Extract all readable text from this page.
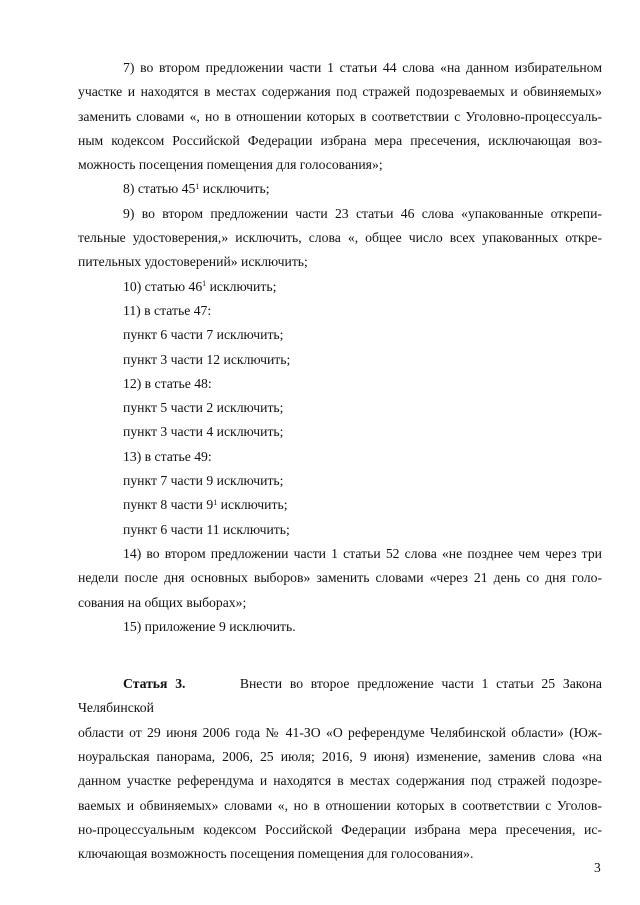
7) во втором предложении части 1 статьи 44 слова «на данном избирательном

участке и находятся в местах содержания под стражей подозреваемых и обвиняемых»

заменить словами «, но в отношении которых в соответствии с Уголовно-процессуаль-

ным кодексом Российской Федерации избрана мера пресечения, исключающая воз-

можность посещения помещения для голосования»;

8) статью $45^1$ исключить;

9) во втором предложении части 23 статьи 46 слова «упакованные открепи-

тельные удостоверения,» исключить, слова «, общее число всех упакованных откре-

пительных удостоверений» исключить;

10) статью $46^1$ исключить;

11) в статье 47:

пункт 6 части 7 исключить;

пункт 3 части 12 исключить;

12) в статье 48:

пункт 5 части 2 исключить;

пункт 3 части 4 исключить;

13) в статье 49:

пункт 7 части 9 исключить;

пункт 8 части $9^1$ исключить;

пункт 6 части 11 исключить;

14) во втором предложении части 1 статьи 52 слова «не позднее чем через три

недели после дня основных выборов» заменить словами «через 21 день со дня голо-

сования на общих выборах»;

15) приложение 9 исключить.

Статья 3.	Внести во второе предложение части 1 статьи 25 Закона Челябинской

области от 29 июня 2006 года № 41-ЗО «О референдуме Челябинской области» (Юж-

ноуральская панорама, 2006, 25 июля; 2016, 9 июня) изменение, заменив слова «на

данном участке референдума и находятся в местах содержания под стражей подозре-

ваемых и обвиняемых» словами «, но в отношении которых в соответствии с Уголов-

но-процессуальным кодексом Российской Федерации избрана мера пресечения, ис-

ключающая возможность посещения помещения для голосования».

3
